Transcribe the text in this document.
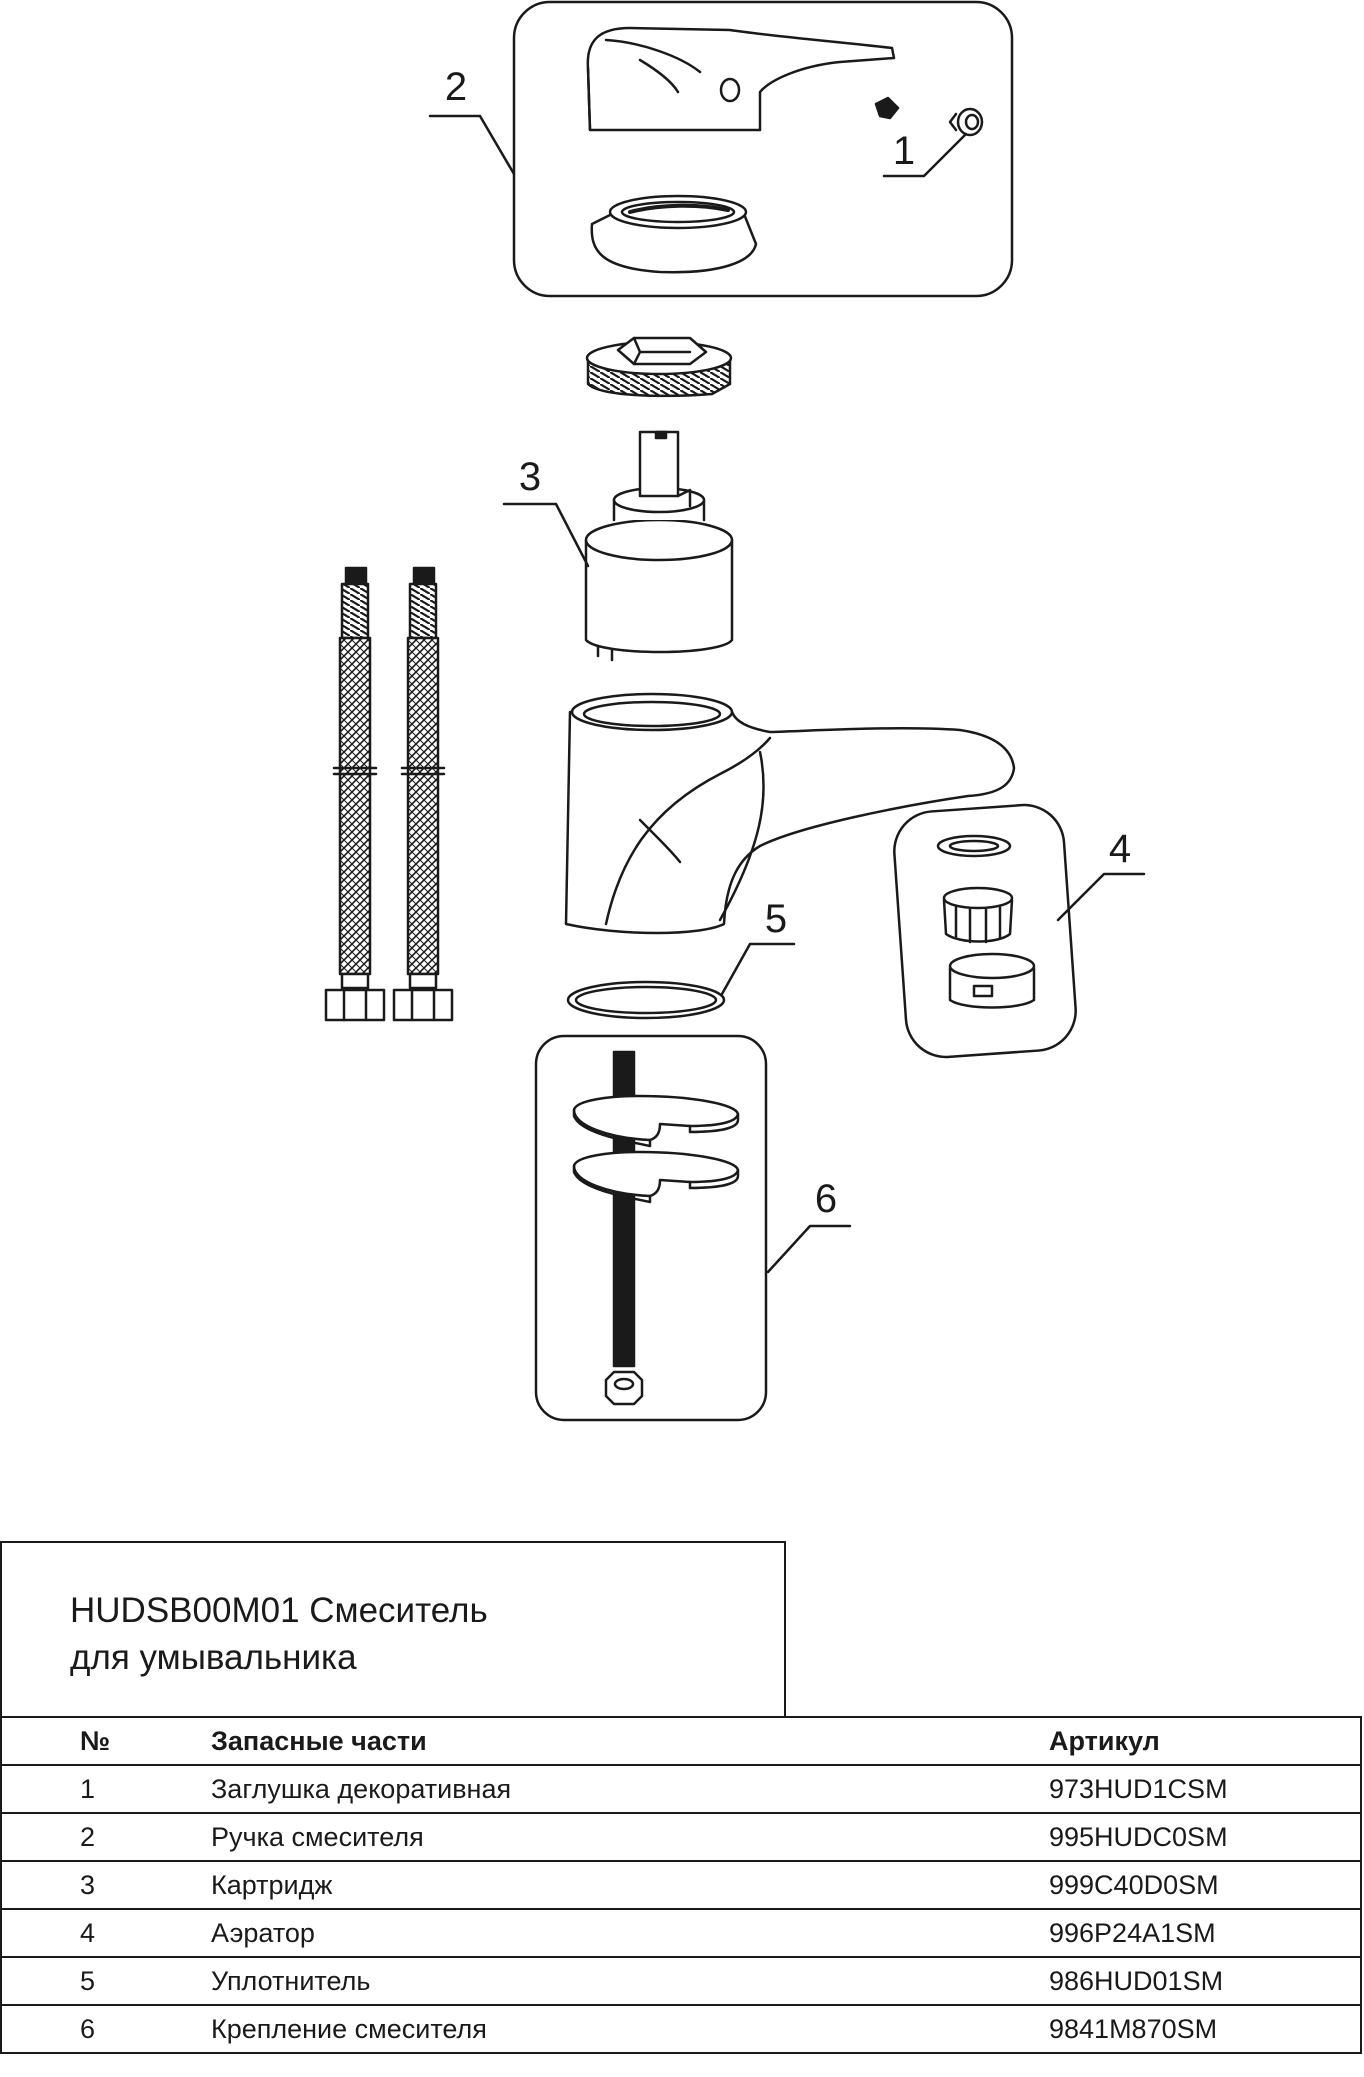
2
1
3
4
5
6
HUDSB00M01 Смеситель
для умывальника
№	Запасные части	Артикул
1	Заглушка декоративная	973HUD1CSM
2	Ручка смесителя	995HUDC0SM
3	Картридж	999C40D0SM
4	Аэратор	996P24A1SM
5	Уплотнитель	986HUD01SM
6	Крепление смесителя	9841M870SM
